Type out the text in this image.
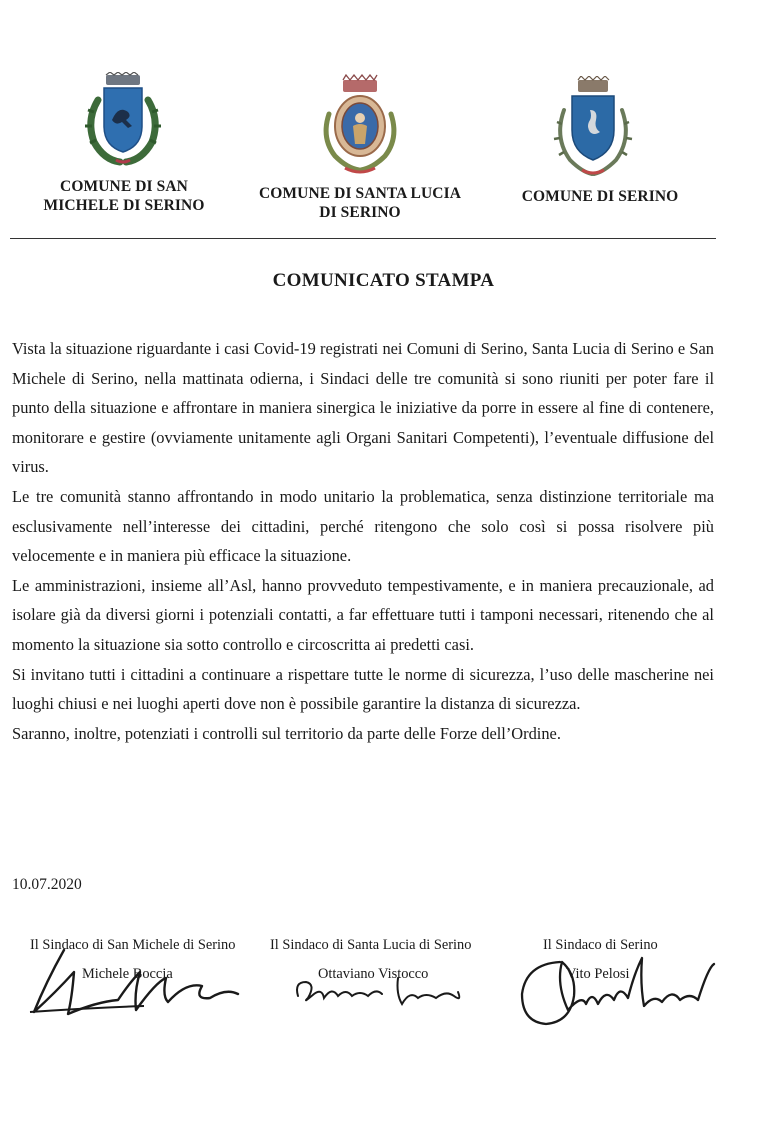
COMUNE DI SAN
MICHELE DI SERINO
COMUNE DI SANTA LUCIA
DI SERINO
COMUNE DI SERINO
COMUNICATO STAMPA

Vista la situazione riguardante i casi Covid-19 registrati nei Comuni di Serino, Santa Lucia di Serino e San Michele di Serino, nella mattinata odierna, i Sindaci delle tre comunità si sono riuniti per poter fare il punto della situazione e affrontare in maniera sinergica le iniziative da porre in essere al fine di contenere, monitorare e gestire (ovviamente unitamente agli Organi Sanitari Competenti), l’eventuale diffusione del virus.

Le tre comunità stanno affrontando in modo unitario la problematica, senza distinzione territoriale ma esclusivamente nell’interesse dei cittadini, perché ritengono che solo così si possa risolvere più velocemente e in maniera più efficace la situazione.

Le amministrazioni, insieme all’Asl, hanno provveduto tempestivamente, e in maniera precauzionale, ad isolare già da diversi giorni i potenziali contatti, a far effettuare tutti i tamponi necessari, ritenendo che al momento la situazione sia sotto controllo e circoscritta ai predetti casi.

Si invitano tutti i cittadini a continuare a rispettare tutte le norme di sicurezza, l’uso delle mascherine nei luoghi chiusi e nei luoghi aperti dove non è possibile garantire la distanza di sicurezza.

Saranno, inoltre, potenziati i controlli sul territorio da parte delle Forze dell’Ordine.

10.07.2020
Il Sindaco di San Michele di Serino
Michele Boccia
Il Sindaco di Santa Lucia di Serino
Ottaviano Vistocco
Il Sindaco di Serino
Vito Pelosi
